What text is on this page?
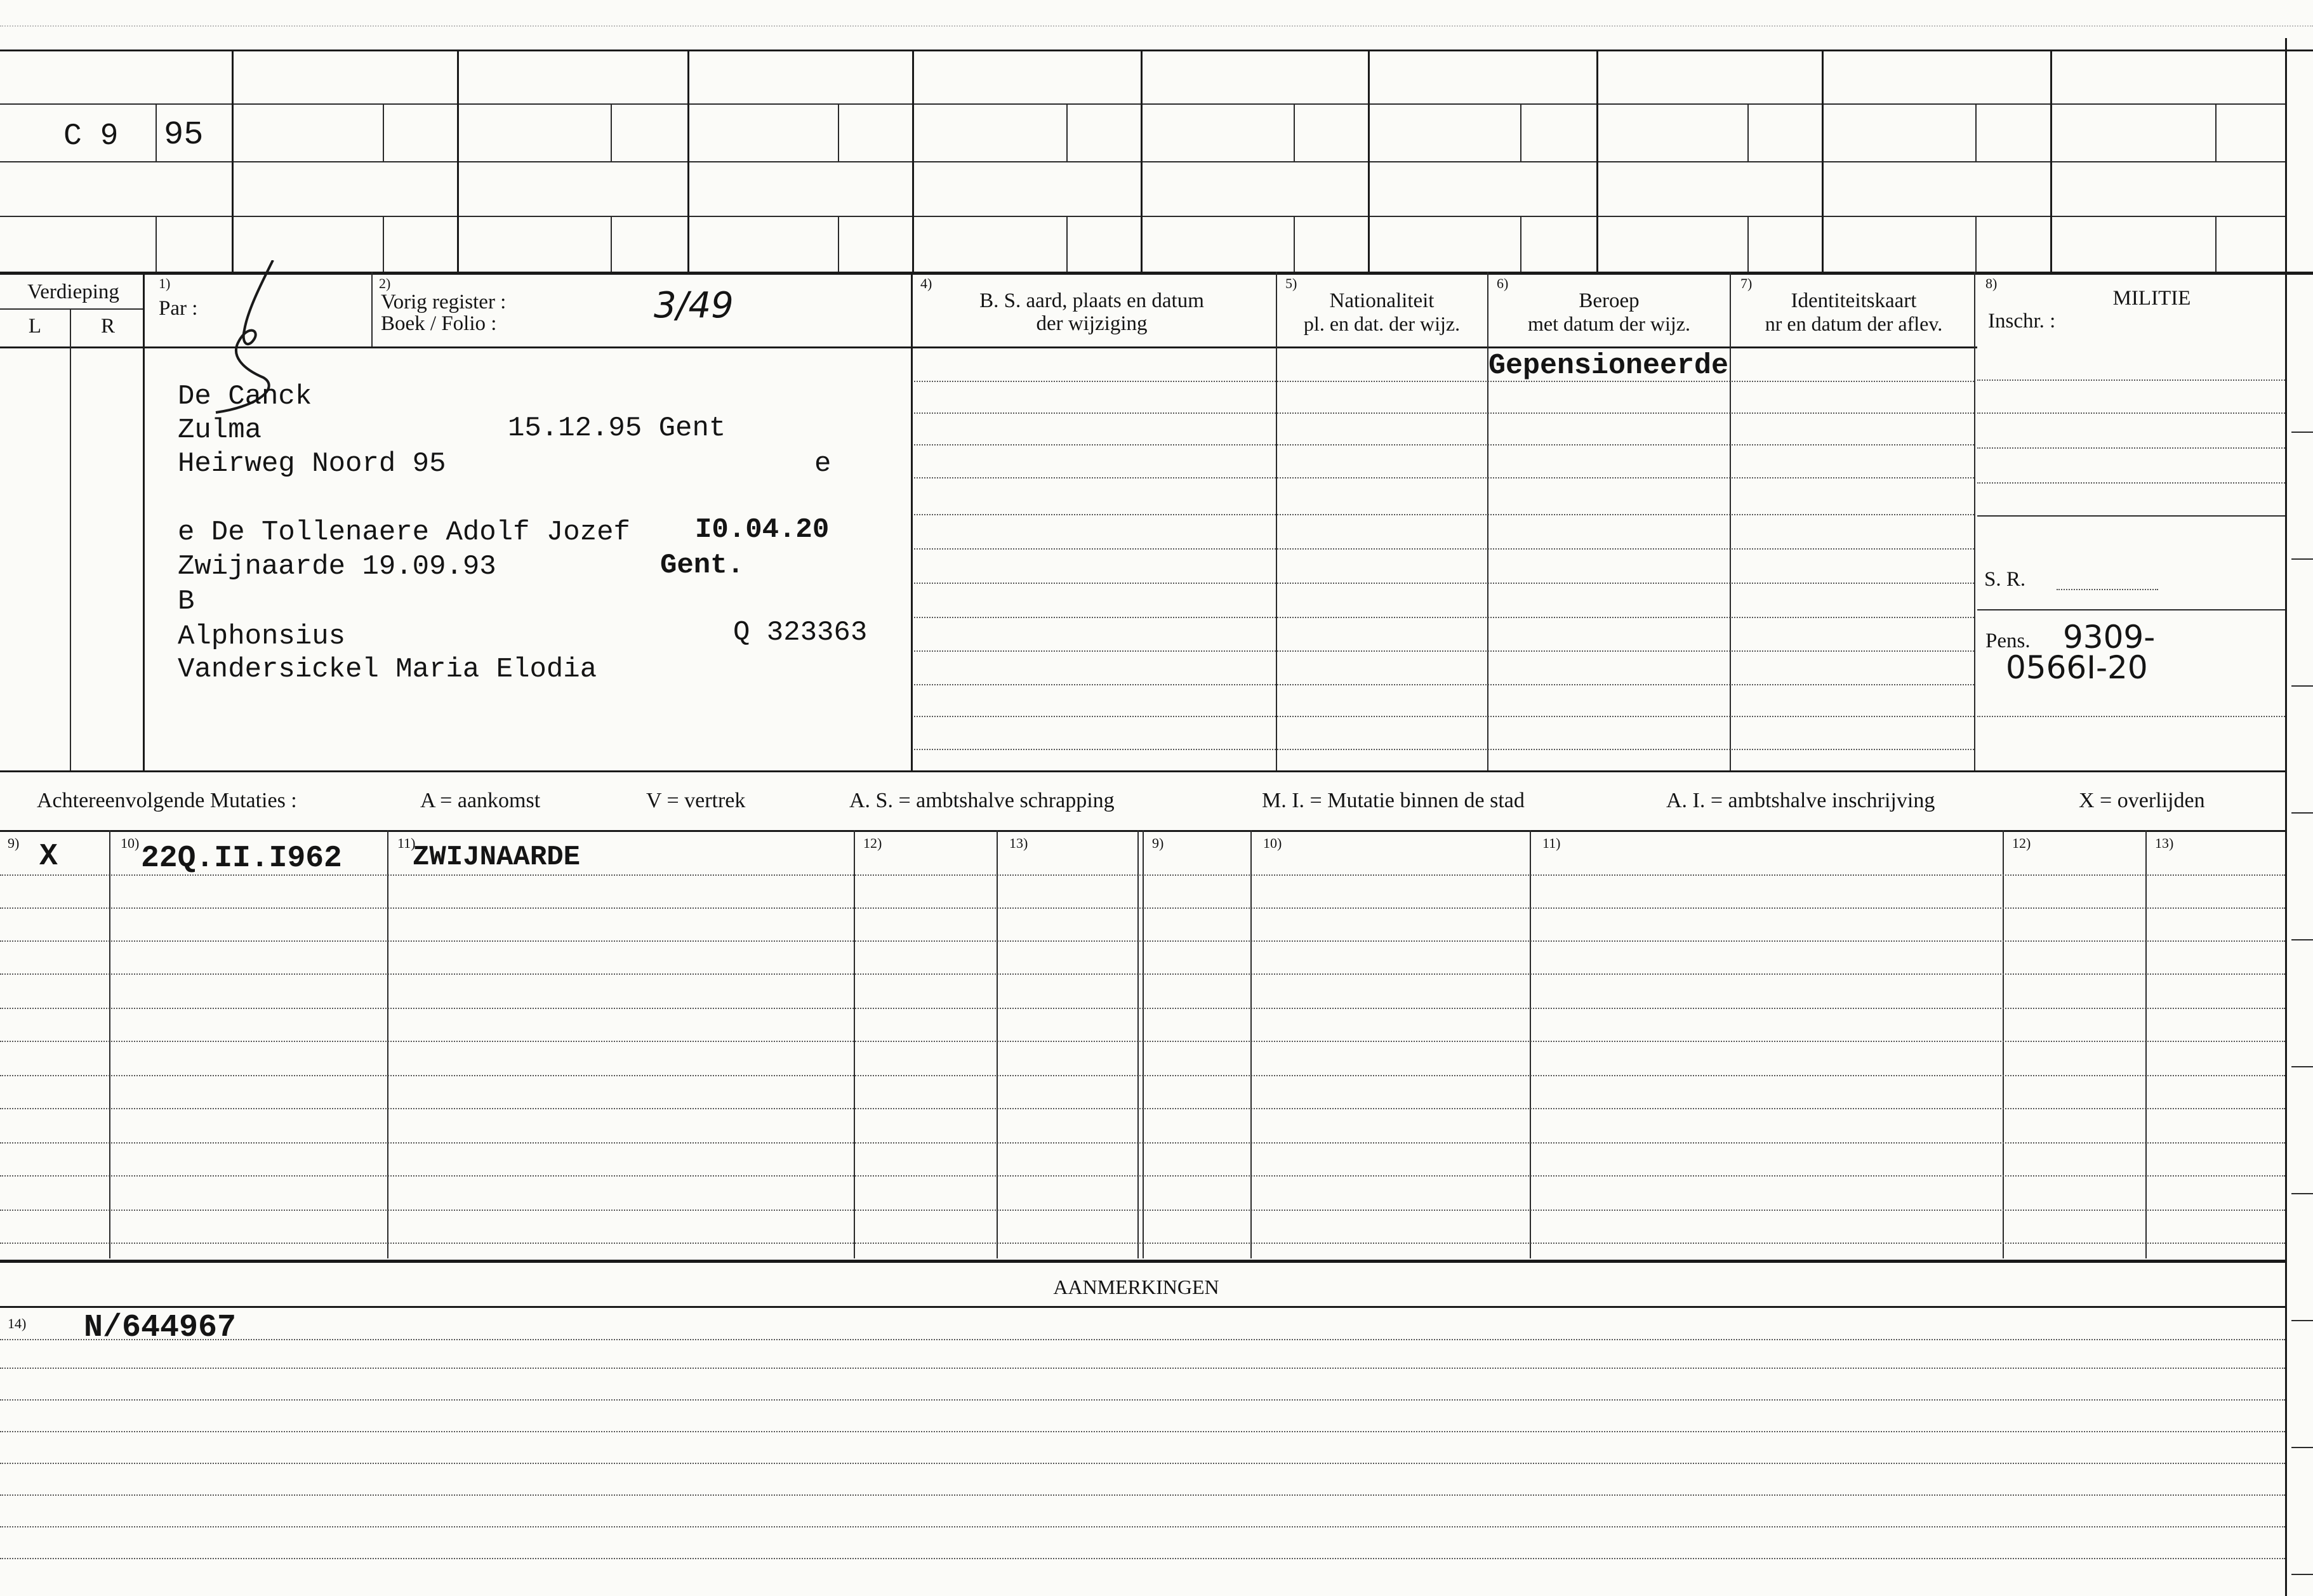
C 9 95
Verdieping
L	R
1)
Par :
2)
Vorig register :
Boek / Folio :	3/49
4)
B. S. aard, plaats en datum
der wijziging
5)
Nationaliteit
pl. en dat. der wijz.
6)
Beroep
met datum der wijz.
7)
Identiteitskaart
nr en datum der aflev.
8)
MILITIE
Inschr. :
S. R.
Pens. 9309-
0566I-20
De Canck
Zulma	15.12.95 Gent
Heirweg Noord 95	e
e De Tollenaere Adolf Jozef I0.04.20
Zwijnaarde 19.09.93	Gent.
B
Alphonsius	Q 323363
Vandersickel Maria Elodia
Gepensioneerde
Achtereenvolgende Mutaties :	A = aankomst	V = vertrek	A. S. = ambtshalve schrapping	M. I. = Mutatie binnen de stad	A. I. = ambtshalve inschrijving	X = overlijden
9)	10)	11)	12)	13)	9)	10)	11)	12)	13)
X	22Q.II.I962	ZWIJNAARDE
AANMERKINGEN
14) N/644967
